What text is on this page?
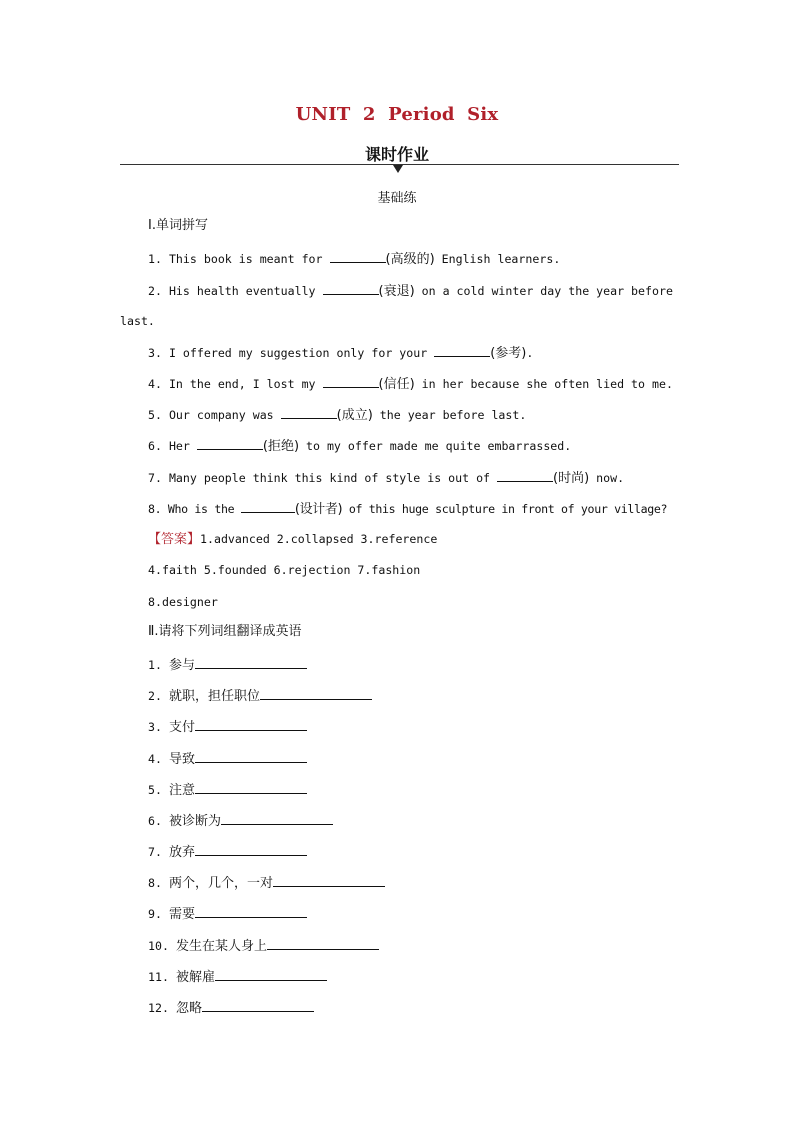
UNIT 2 Period Six
课时作业
基础练
Ⅰ.单词拼写
1. This book is meant for	(高级的) English learners.
2. His health eventually	(衰退) on a cold winter day the year before
last.
3. I offered my suggestion only for your	(参考).
4. In the end, I lost my	(信任) in her because she often lied to me.
5. Our company was	(成立) the year before last.
6. Her	(拒绝) to my offer made me quite embarrassed.
7. Many people think this kind of style is out of	(时尚) now.
8. Who is the	(设计者) of this huge sculpture in front of your village?
【答案】1.advanced 2.collapsed 3.reference
4.faith 5.founded 6.rejection 7.fashion
8.designer
Ⅱ.请将下列词组翻译成英语
1. 参与
2. 就职，担任职位
3. 支付
4. 导致
5. 注意
6. 被诊断为
7. 放弃
8. 两个，几个，一对
9. 需要
10. 发生在某人身上
11. 被解雇
12. 忽略
